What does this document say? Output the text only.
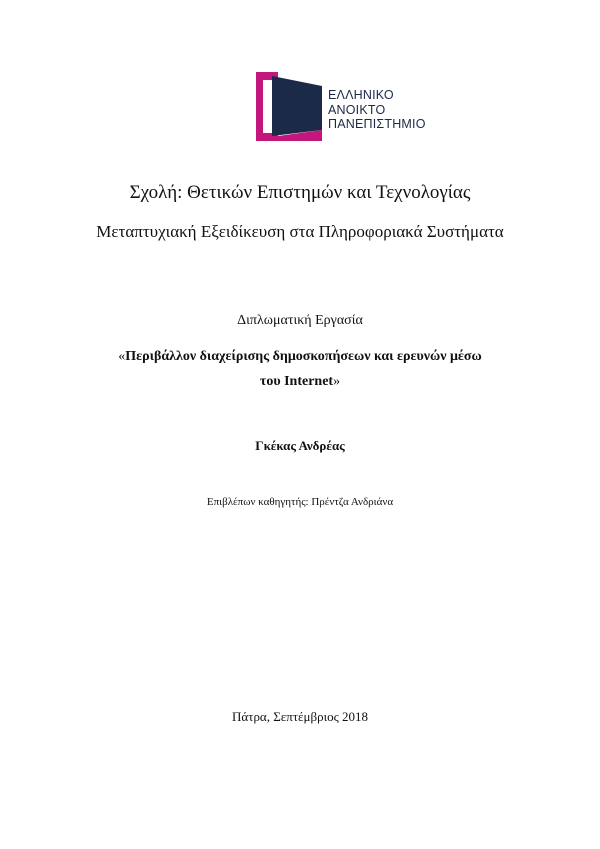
ΕΛΛΗΝΙΚΟ
ΑΝΟΙΚΤΟ
ΠΑΝΕΠΙΣΤΗΜΙΟ
Σχολή: Θετικών Επιστημών και Τεχνολογίας
Μεταπτυχιακή Εξειδίκευση στα Πληροφοριακά Συστήματα
Διπλωματική Εργασία
«Περιβάλλον διαχείρισης δημοσκοπήσεων και ερευνών μέσω
του Internet»
Γκέκας Ανδρέας
Επιβλέπων καθηγητής: Πρέντζα Ανδριάνα
Πάτρα, Σεπτέμβριος 2018
